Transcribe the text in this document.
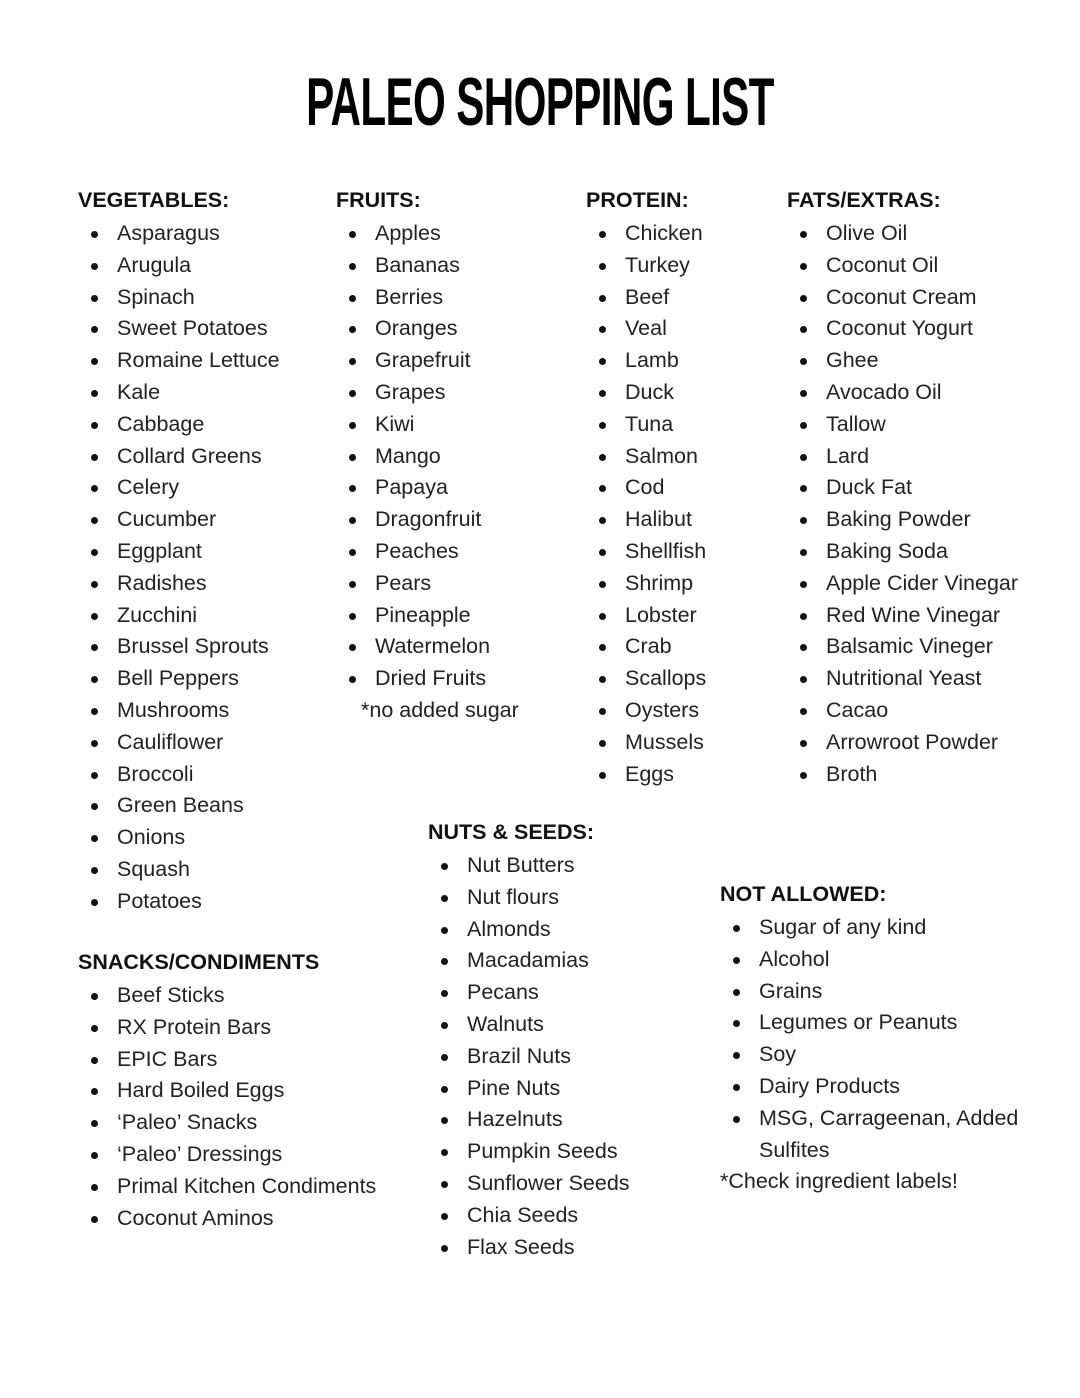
PALEO SHOPPING LIST
VEGETABLES:
Asparagus
Arugula
Spinach
Sweet Potatoes
Romaine Lettuce
Kale
Cabbage
Collard Greens
Celery
Cucumber
Eggplant
Radishes
Zucchini
Brussel Sprouts
Bell Peppers
Mushrooms
Cauliflower
Broccoli
Green Beans
Onions
Squash
Potatoes
FRUITS:
Apples
Bananas
Berries
Oranges
Grapefruit
Grapes
Kiwi
Mango
Papaya
Dragonfruit
Peaches
Pears
Pineapple
Watermelon
Dried Fruits
*no added sugar
PROTEIN:
Chicken
Turkey
Beef
Veal
Lamb
Duck
Tuna
Salmon
Cod
Halibut
Shellfish
Shrimp
Lobster
Crab
Scallops
Oysters
Mussels
Eggs
FATS/EXTRAS:
Olive Oil
Coconut Oil
Coconut Cream
Coconut Yogurt
Ghee
Avocado Oil
Tallow
Lard
Duck Fat
Baking Powder
Baking Soda
Apple Cider Vinegar
Red Wine Vinegar
Balsamic Vineger
Nutritional Yeast
Cacao
Arrowroot Powder
Broth
SNACKS/CONDIMENTS
Beef Sticks
RX Protein Bars
EPIC Bars
Hard Boiled Eggs
‘Paleo’ Snacks
‘Paleo’ Dressings
Primal Kitchen Condiments
Coconut Aminos
NUTS & SEEDS:
Nut Butters
Nut flours
Almonds
Macadamias
Pecans
Walnuts
Brazil Nuts
Pine Nuts
Hazelnuts
Pumpkin Seeds
Sunflower Seeds
Chia Seeds
Flax Seeds
NOT ALLOWED:
Sugar of any kind
Alcohol
Grains
Legumes or Peanuts
Soy
Dairy Products
MSG, Carrageenan, Added
Sulfites
*Check ingredient labels!
